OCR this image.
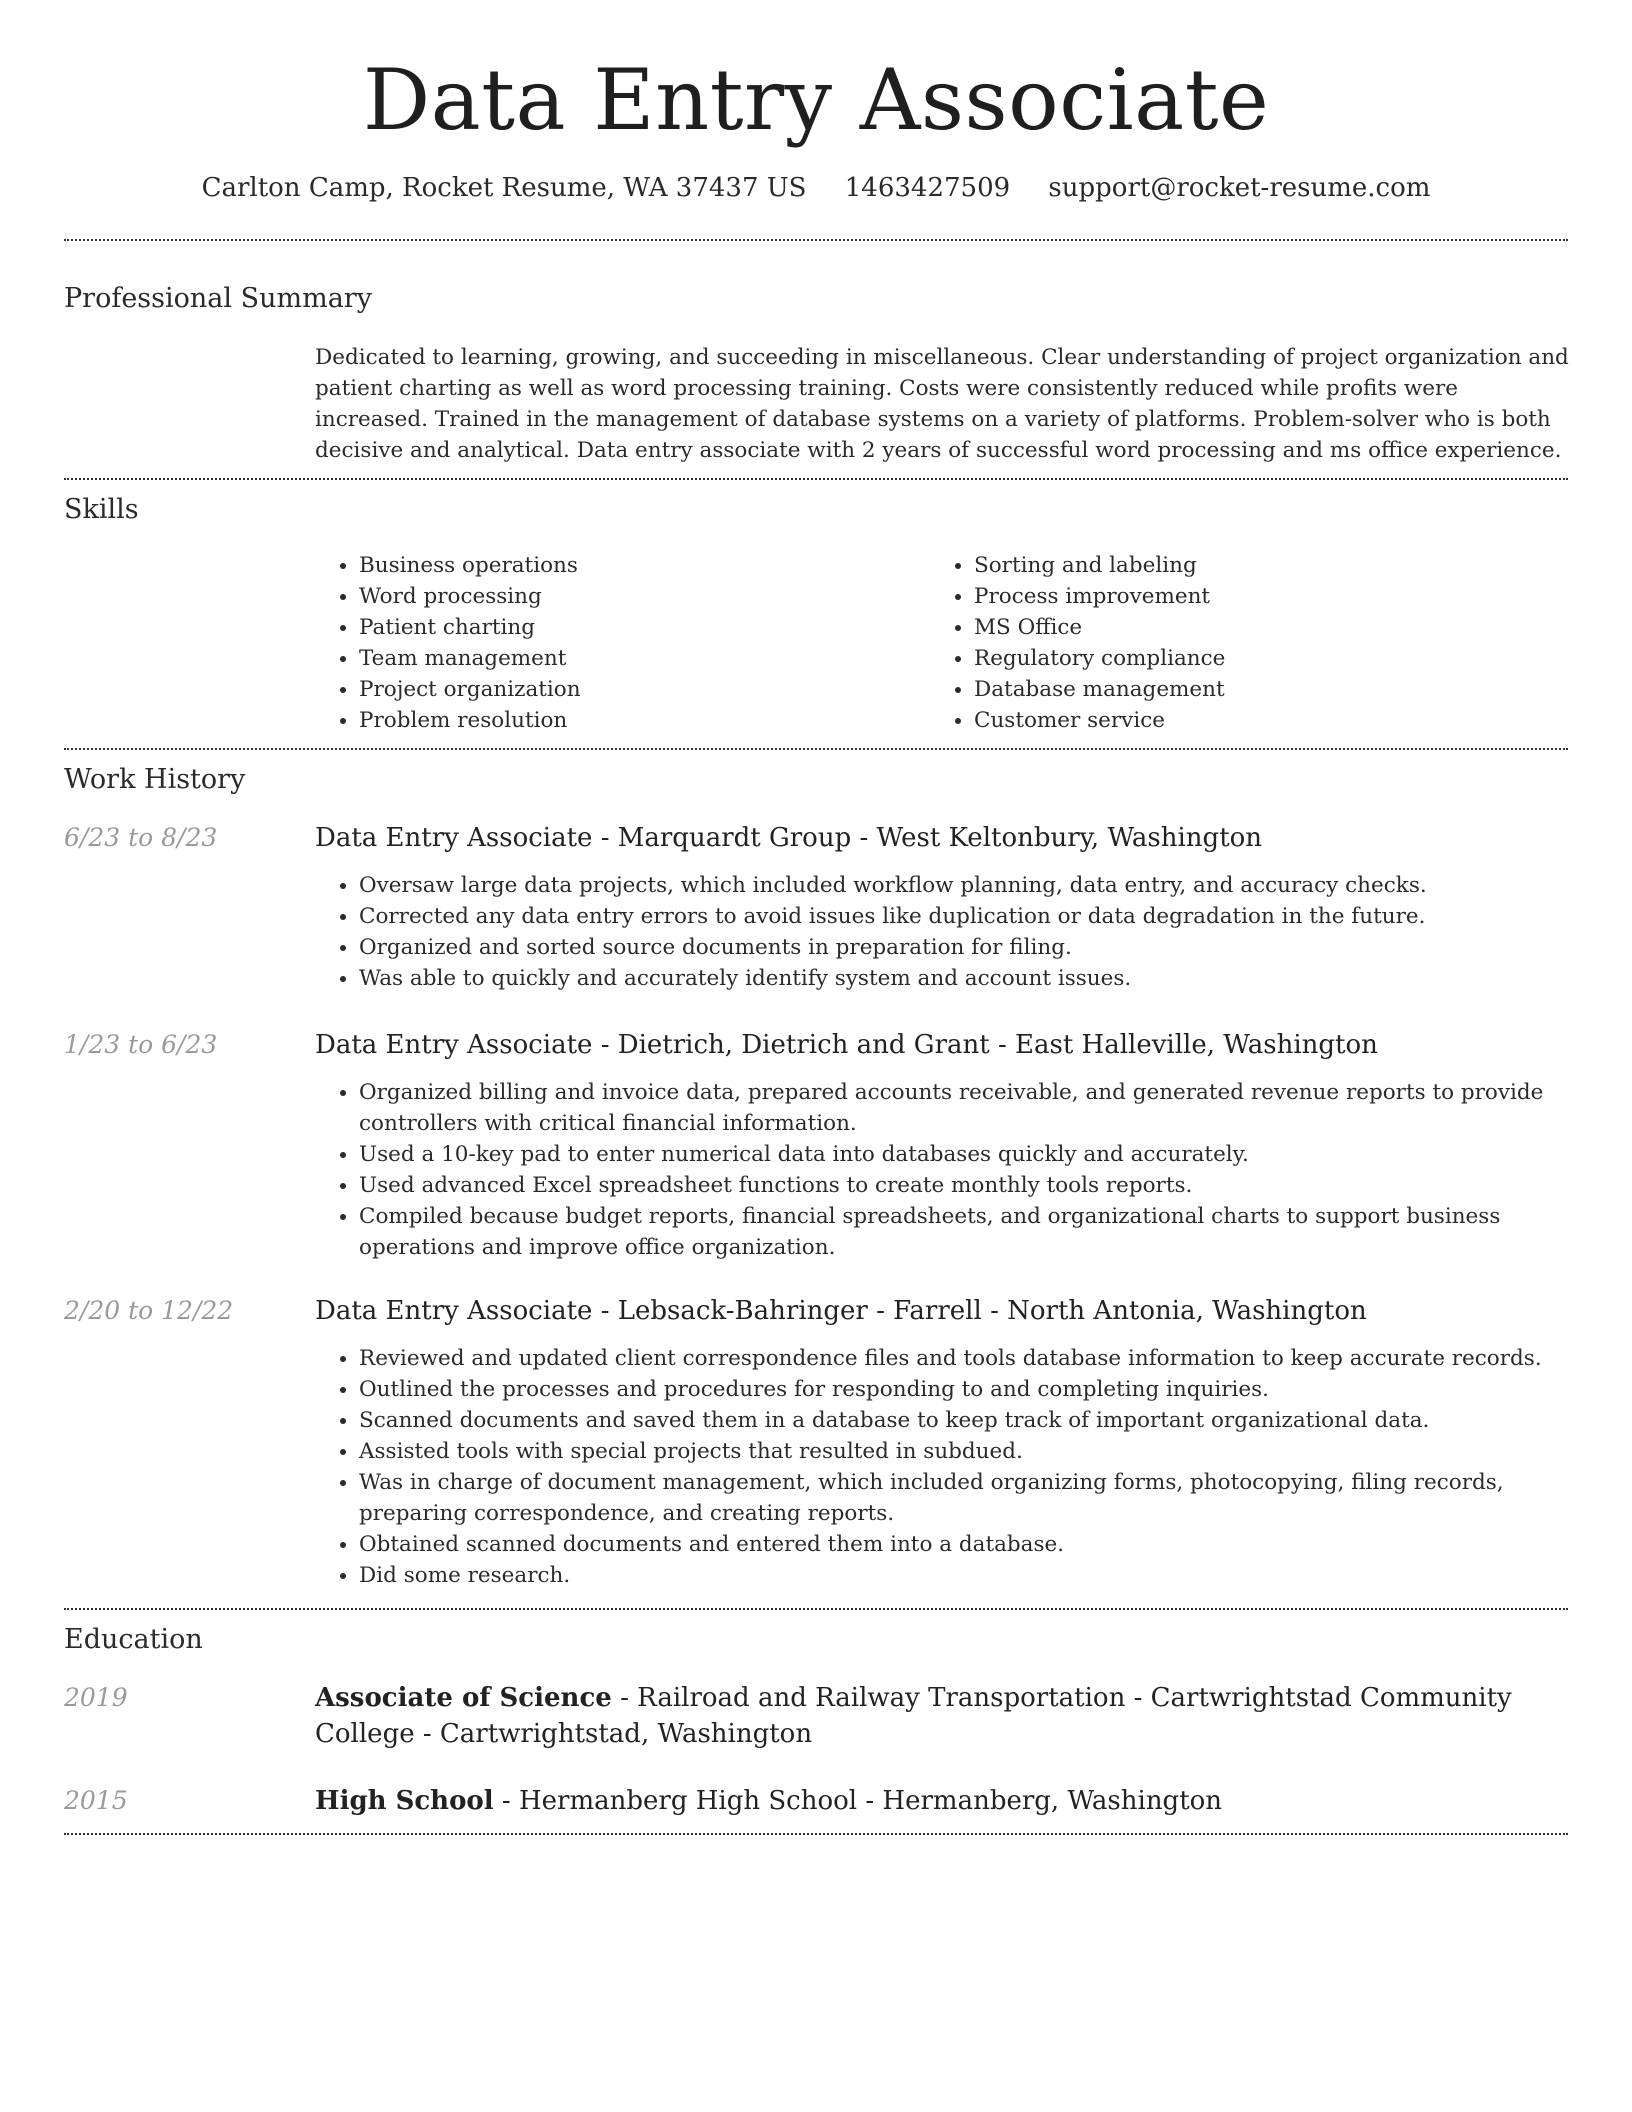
Data Entry Associate
Carlton Camp, Rocket Resume, WA 37437 US 1463427509 support@rocket-resume.com
Professional Summary

Dedicated to learning, growing, and succeeding in miscellaneous. Clear understanding of project organization and patient charting as well as word processing training. Costs were consistently reduced while profits were increased. Trained in the management of database systems on a variety of platforms. Problem-solver who is both decisive and analytical. Data entry associate with 2 years of successful word processing and ms office experience.

Skills
• Business operations
• Word processing
• Patient charting
• Team management
• Project organization
• Problem resolution
• Sorting and labeling
• Process improvement
• MS Office
• Regulatory compliance
• Database management
• Customer service
Work History
6/23 to 8/23	Data Entry Associate - Marquardt Group - West Keltonbury, Washington
• Oversaw large data projects, which included workflow planning, data entry, and accuracy checks.
• Corrected any data entry errors to avoid issues like duplication or data degradation in the future.
• Organized and sorted source documents in preparation for filing.
• Was able to quickly and accurately identify system and account issues.
1/23 to 6/23	Data Entry Associate - Dietrich, Dietrich and Grant - East Halleville, Washington
• Organized billing and invoice data, prepared accounts receivable, and generated revenue reports to provide controllers with critical financial information.
• Used a 10-key pad to enter numerical data into databases quickly and accurately.
• Used advanced Excel spreadsheet functions to create monthly tools reports.
• Compiled because budget reports, financial spreadsheets, and organizational charts to support business operations and improve office organization.
2/20 to 12/22	Data Entry Associate - Lebsack-Bahringer - Farrell - North Antonia, Washington
• Reviewed and updated client correspondence files and tools database information to keep accurate records.
• Outlined the processes and procedures for responding to and completing inquiries.
• Scanned documents and saved them in a database to keep track of important organizational data.
• Assisted tools with special projects that resulted in subdued.
• Was in charge of document management, which included organizing forms, photocopying, filing records, preparing correspondence, and creating reports.
• Obtained scanned documents and entered them into a database.
• Did some research.
Education
2019	Associate of Science - Railroad and Railway Transportation - Cartwrightstad Community College - Cartwrightstad, Washington
2015	High School - Hermanberg High School - Hermanberg, Washington
